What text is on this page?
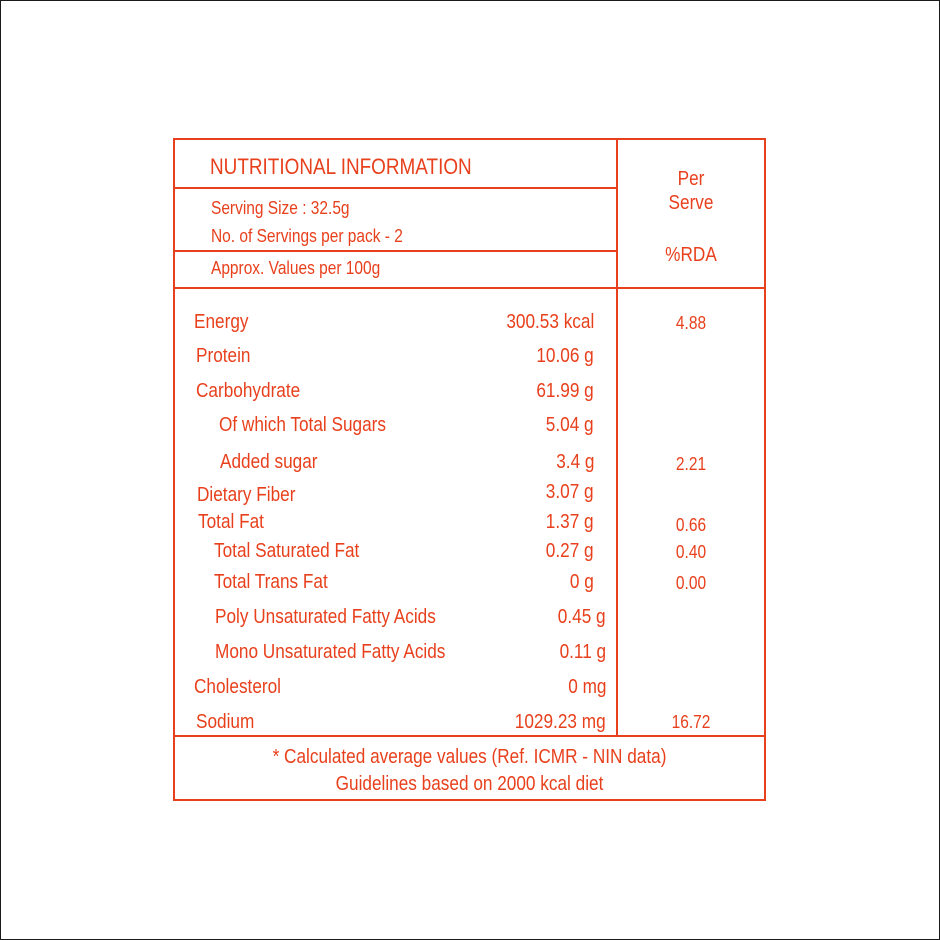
NUTRITIONAL INFORMATION
Serving Size : 32.5g
No. of Servings per pack - 2
Approx. Values per 100g
Per
Serve
%RDA
Energy
Protein
Carbohydrate
Of which Total Sugars
Added sugar
Dietary Fiber
Total Fat
Total Saturated Fat
Total Trans Fat
Poly Unsaturated Fatty Acids
Mono Unsaturated Fatty Acids
Cholesterol
Sodium
300.53 kcal
10.06 g
61.99 g
5.04 g
3.4 g
3.07 g
1.37 g
0.27 g
0 g
0.45 g
0.11 g
0 mg
1029.23 mg
4.88
2.21
0.66
0.40
0.00
16.72
* Calculated average values (Ref. ICMR - NIN data)
Guidelines based on 2000 kcal diet
